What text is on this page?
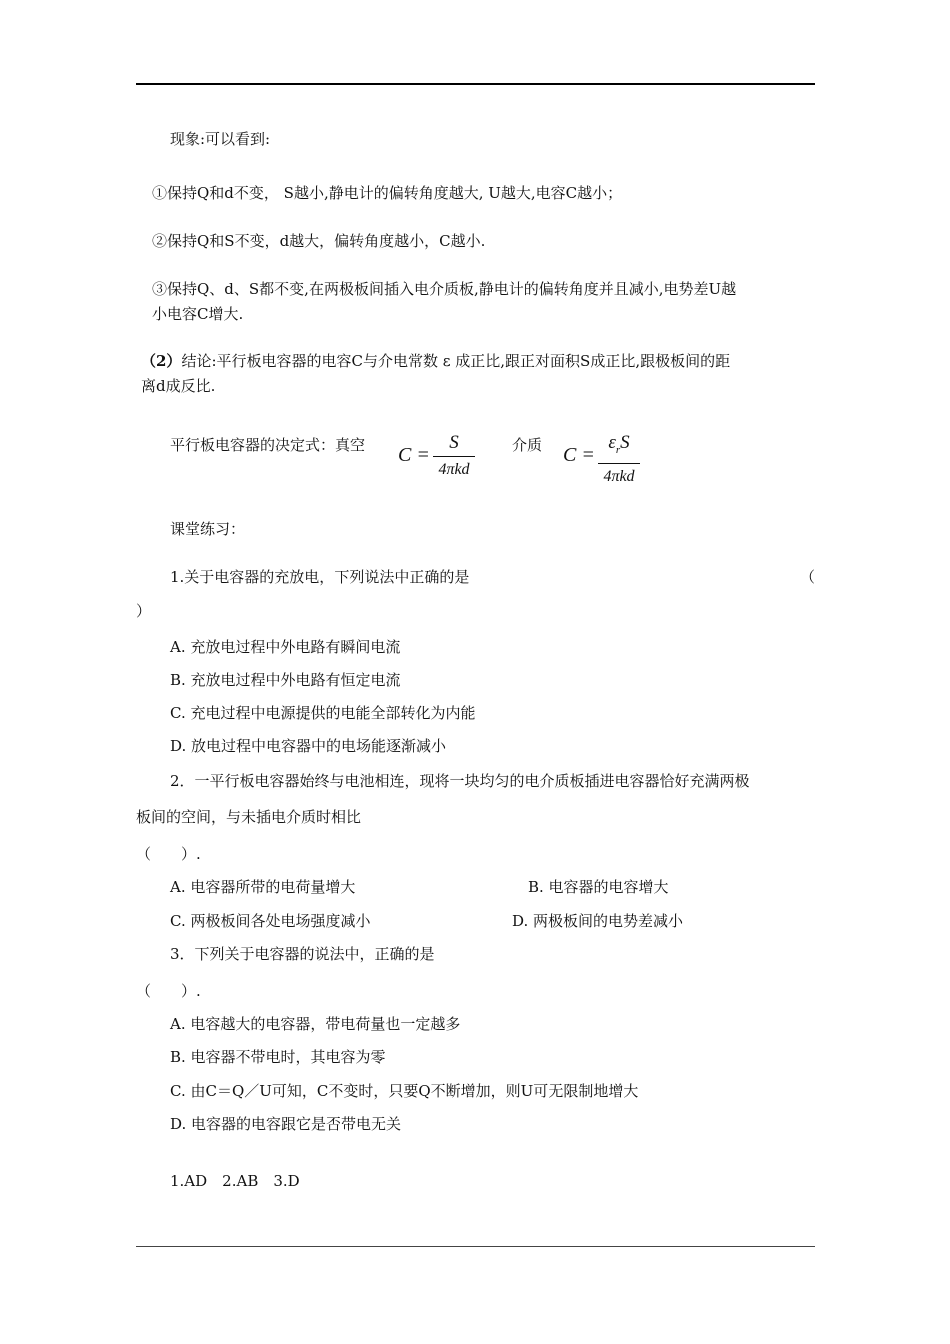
现象:可以看到:
①保持Q和d不变， S越小,静电计的偏转角度越大, U越大,电容C越小；
②保持Q和S不变，d越大，偏转角度越小，C越小.
③保持Q、d、S都不变,在两极板间插入电介质板,静电计的偏转角度并且减小,电势差U越
小电容C增大.
（2）结论:平行板电容器的电容C与介电常数 ε 成正比,跟正对面积S成正比,跟极板间的距
离d成反比.
平行板电容器的决定式：真空 C =
S
4πkd
介质 C =
$\varepsilon_rS$
4πkd
课堂练习：
1.关于电容器的充放电，下列说法中正确的是	（
）
A. 充放电过程中外电路有瞬间电流
B. 充放电过程中外电路有恒定电流
C. 充电过程中电源提供的电能全部转化为内能
D. 放电过程中电容器中的电场能逐渐减小
2．一平行板电容器始终与电池相连，现将一块均匀的电介质板插进电容器恰好充满两极
板间的空间，与未插电介质时相比
（　　）.
A. 电容器所带的电荷量增大	B. 电容器的电容增大
C. 两极板间各处电场强度减小	D. 两极板间的电势差减小
3．下列关于电容器的说法中，正确的是
（　　）.
A. 电容越大的电容器，带电荷量也一定越多
B. 电容器不带电时，其电容为零
C. 由C＝Q／U可知，C不变时，只要Q不断增加，则U可无限制地增大
D. 电容器的电容跟它是否带电无关
1.AD　2.AB　3.D
